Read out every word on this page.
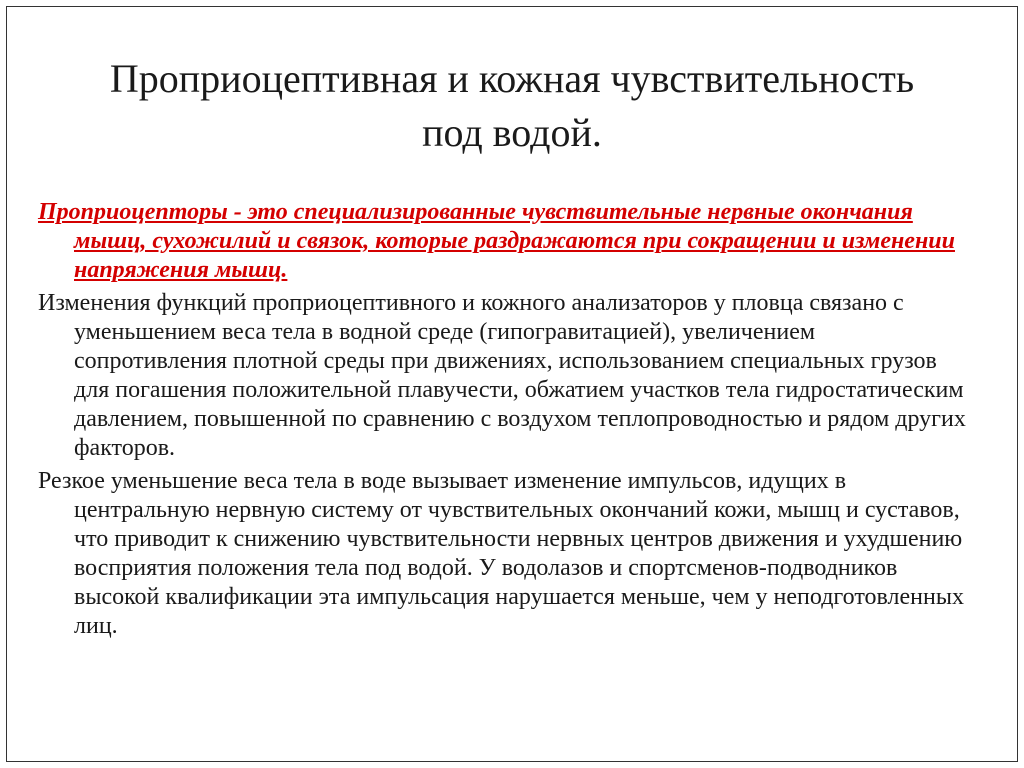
Проприоцептивная и кожная чувствительность
под водой.

Проприоцепторы - это специализированные чувствительные нервные окончания мышц, сухожилий и связок, которые раздражаются при сокращении и изменении напряжения мышц.

Изменения функций проприоцептивного и кожного анализаторов у пловца связано с уменьшением веса тела в водной среде (гипогравитацией), увеличением сопротивления плотной среды при движениях, использованием специальных грузов для погашения положительной плавучести, обжатием участков тела гидростатическим давлением, повышенной по сравнению с воздухом теплопроводностью и рядом других факторов.

Резкое уменьшение веса тела в воде вызывает изменение импульсов, идущих в центральную нервную систему от чувствительных окончаний кожи, мышц и суставов, что приводит к снижению чувствительности нервных центров движения и ухудшению восприятия положения тела под водой. У водолазов и спортсменов-подводников высокой квалификации эта импульсация нарушается меньше, чем у неподготовленных лиц.
